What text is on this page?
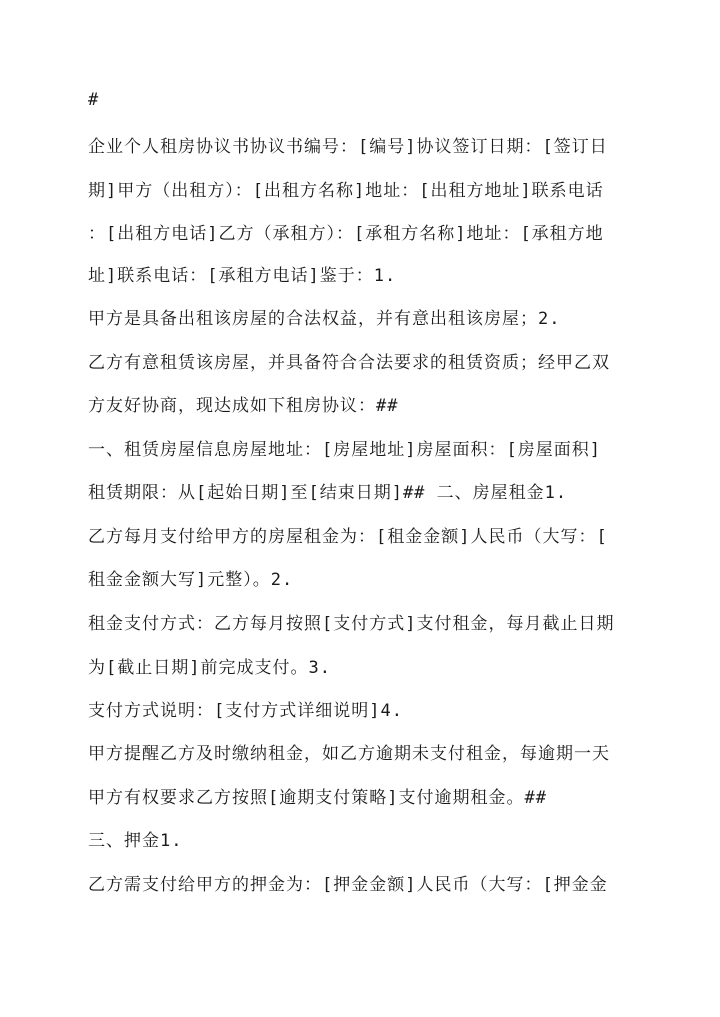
#

企业个人租房协议书协议书编号：[编号]协议签订日期：[签订日

期]甲方（出租方）：[出租方名称]地址：[出租方地址]联系电话

：[出租方电话]乙方（承租方）：[承租方名称]地址：[承租方地

址]联系电话：[承租方电话]鉴于：1.

甲方是具备出租该房屋的合法权益，并有意出租该房屋；2.

乙方有意租赁该房屋，并具备符合合法要求的租赁资质；经甲乙双

方友好协商，现达成如下租房协议：##

一、租赁房屋信息房屋地址：[房屋地址]房屋面积：[房屋面积]

租赁期限：从[起始日期]至[结束日期]## 二、房屋租金1.

乙方每月支付给甲方的房屋租金为：[租金金额]人民币（大写：[

租金金额大写]元整）。2.

租金支付方式：乙方每月按照[支付方式]支付租金，每月截止日期

为[截止日期]前完成支付。3.

支付方式说明：[支付方式详细说明]4.

甲方提醒乙方及时缴纳租金，如乙方逾期未支付租金，每逾期一天

甲方有权要求乙方按照[逾期支付策略]支付逾期租金。##

三、押金1.

乙方需支付给甲方的押金为：[押金金额]人民币（大写：[押金金
